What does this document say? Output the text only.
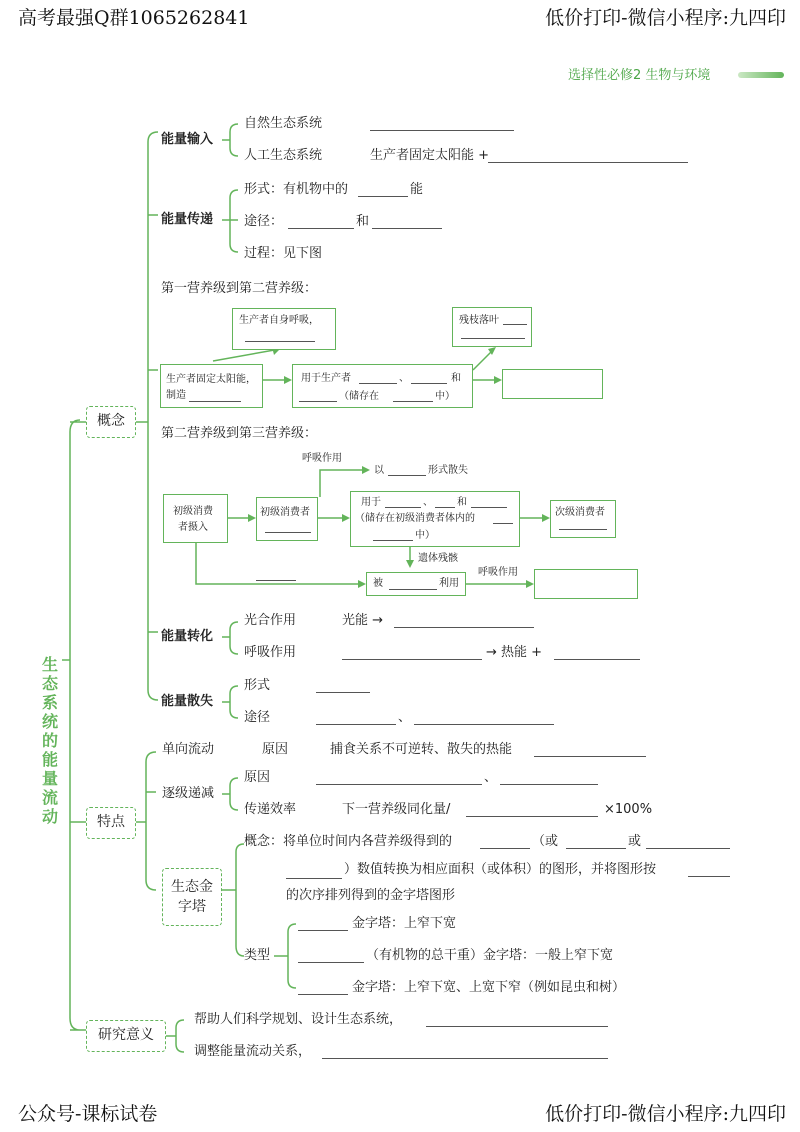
高考最强Q群1065262841	低价打印-微信小程序:九四印
选择性必修2 生物与环境
公众号-课标试卷	低价打印-微信小程序:九四印
生态系统的能量流动
概念
能量输入
自然生态系统
人工生态系统	生产者固定太阳能 +
能量传递
形式：有机物中的	能
途径：	和
过程：见下图
第一营养级到第二营养级：
生产者固定太阳能，
制造
生产者自身呼吸，
用于生产者	、	和
（储存在	中）
残枝落叶
第二营养级到第三营养级：
初级消费
者摄入
初级消费者
呼吸作用
以	形式散失
用于	、 和
（储存在初级消费者体内的
中）
次级消费者
遗体残骸
被	利用
呼吸作用
能量转化
光合作用	光能 →
呼吸作用	→ 热能 +
能量散失
形式
途径	、
特点
单向流动	原因	捕食关系不可逆转、散失的热能
逐级递减
原因	、
传递效率	下一营养级同化量/	×100%
生态金
字塔
概念：将单位时间内各营养级得到的	（或	或
）数值转换为相应面积（或体积）的图形，并将图形按
的次序排列得到的金字塔图形
类型
金字塔：上窄下宽
（有机物的总干重）金字塔：一般上窄下宽
金字塔：上窄下宽、上宽下窄（例如昆虫和树）
研究意义
帮助人们科学规划、设计生态系统，
调整能量流动关系，
